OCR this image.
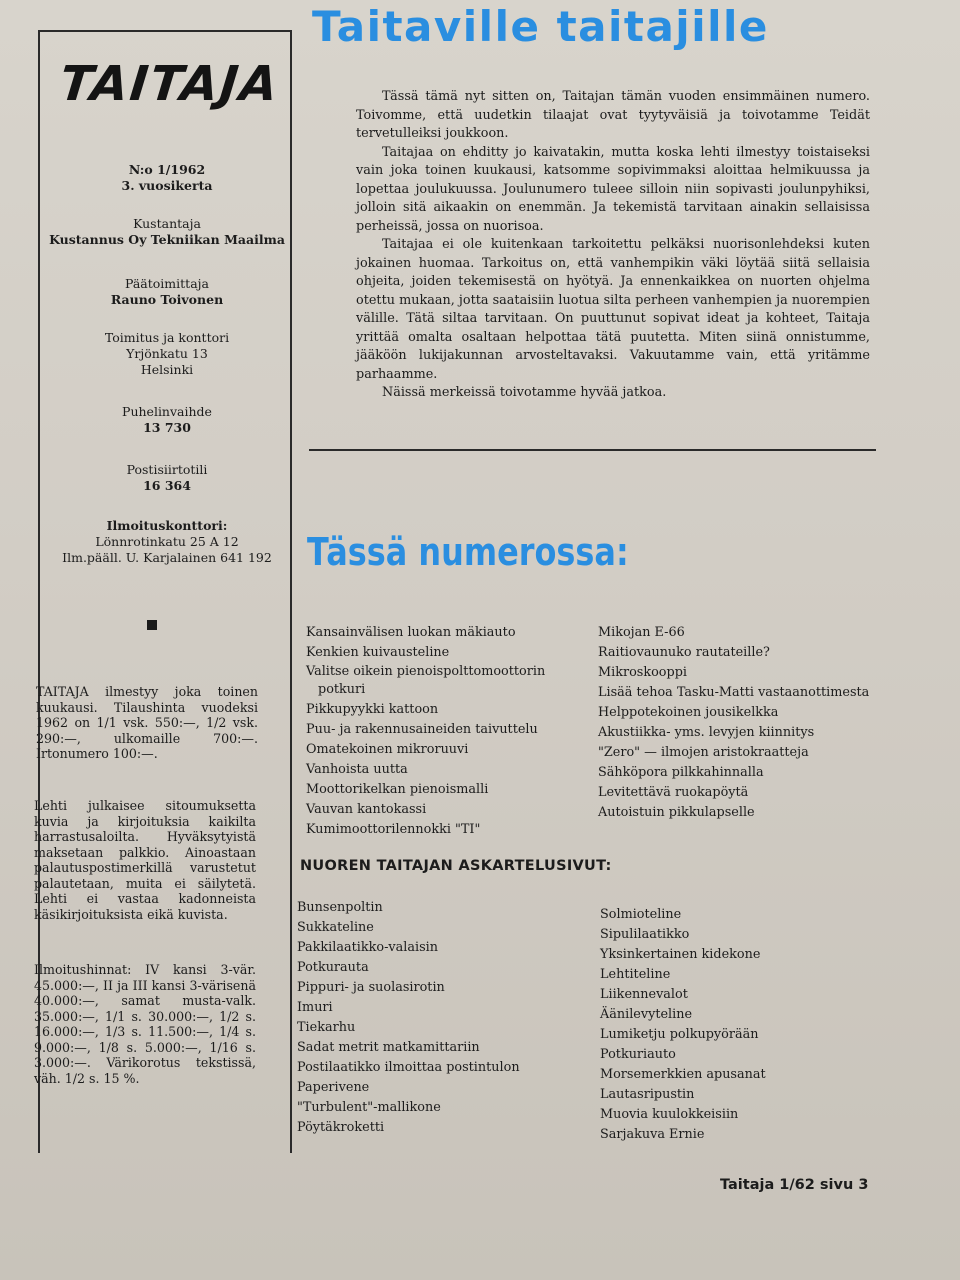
TAITAJA
N:o 1/1962
3. vuosikerta
Kustantaja
Kustannus Oy Tekniikan Maailma
Päätoimittaja
Rauno Toivonen
Toimitus ja konttori
Yrjönkatu 13
Helsinki
Puhelinvaihde
13 730
Postisiirtotili
16 364
Ilmoituskonttori:
Lönnrotinkatu 25 A 12
Ilm.pääll. U. Karjalainen 641 192
TAITAJA ilmestyy joka toinen kuukausi. Tilaushinta vuodeksi 1962 on 1/1 vsk. 550:—, 1/2 vsk. 290:—, ulkomaille 700:—. Irtonumero 100:—.
Lehti julkaisee sitoumuksetta kuvia ja kirjoituksia kaikilta harrastusaloilta. Hyväksytyistä maksetaan palkkio. Ainoastaan palautuspostimerkillä varustetut palautetaan, muita ei säilytetä. Lehti ei vastaa kadonneista käsikirjoituksista eikä kuvista.
Ilmoitushinnat: IV kansi 3-vär. 45.000:—, II ja III kansi 3-värisenä 40.000:—, samat musta-valk. 35.000:—, 1/1 s. 30.000:—, 1/2 s. 16.000:—, 1/3 s. 11.500:—, 1/4 s. 9.000:—, 1/8 s. 5.000:—, 1/16 s. 3.000:—. Värikorotus tekstissä, väh. 1/2 s. 15 %.
Taitaville taitajille

Tässä tämä nyt sitten on, Taitajan tämän vuoden ensimmäinen numero. Toivomme, että uudetkin tilaajat ovat tyytyväisiä ja toivotamme Teidät tervetulleiksi joukkoon.

Taitajaa on ehditty jo kaivatakin, mutta koska lehti ilmestyy toistaiseksi vain joka toinen kuukausi, katsomme sopivimmaksi aloittaa helmikuussa ja lopettaa joulukuussa. Joulunumero tuleee silloin niin sopivasti joulunpyhiksi, jolloin sitä aikaakin on enemmän. Ja tekemistä tarvitaan ainakin sellaisissa perheissä, jossa on nuorisoa.

Taitajaa ei ole kuitenkaan tarkoitettu pelkäksi nuorisonlehdeksi kuten jokainen huomaa. Tarkoitus on, että vanhempikin väki löytää siitä sellaisia ohjeita, joiden tekemisestä on hyötyä. Ja ennenkaikkea on nuorten ohjelma otettu mukaan, jotta saataisiin luotua silta perheen vanhempien ja nuorempien välille. Tätä siltaa tarvitaan. On puuttunut sopivat ideat ja kohteet, Taitaja yrittää omalta osaltaan helpottaa tätä puutetta. Miten siinä onnistumme, jääköön lukijakunnan arvosteltavaksi. Vakuutamme vain, että yritämme parhaamme.

Näissä merkeissä toivotamme hyvää jatkoa.

Tässä numerossa:
Kansainvälisen luokan mäkiauto
Kenkien kuivausteline
Valitse oikein pienoispolttomoottorin
potkuri
Pikkupyykki kattoon
Puu- ja rakennusaineiden taivuttelu
Omatekoinen mikroruuvi
Vanhoista uutta
Moottorikelkan pienoismalli
Vauvan kantokassi
Kumimoottorilennokki "TI"
Mikojan E-66
Raitiovaunuko rautateille?
Mikroskooppi
Lisää tehoa Tasku-Matti vastaanottimesta
Helppotekoinen jousikelkka
Akustiikka- yms. levyjen kiinnitys
"Zero" — ilmojen aristokraatteja
Sähköpora pilkkahinnalla
Levitettävä ruokapöytä
Autoistuin pikkulapselle
NUOREN TAITAJAN ASKARTELUSIVUT:
Bunsenpoltin
Sukkateline
Pakkilaatikko-valaisin
Potkurauta
Pippuri- ja suolasirotin
Imuri
Tiekarhu
Sadat metrit matkamittariin
Postilaatikko ilmoittaa postintulon
Paperivene
"Turbulent"-mallikone
Pöytäkroketti
Solmioteline
Sipulilaatikko
Yksinkertainen kidekone
Lehtiteline
Liikennevalot
Äänilevyteline
Lumiketju polkupyörään
Potkuriauto
Morsemerkkien apusanat
Lautasripustin
Muovia kuulokkeisiin
Sarjakuva Ernie
Taitaja 1/62 sivu 3
